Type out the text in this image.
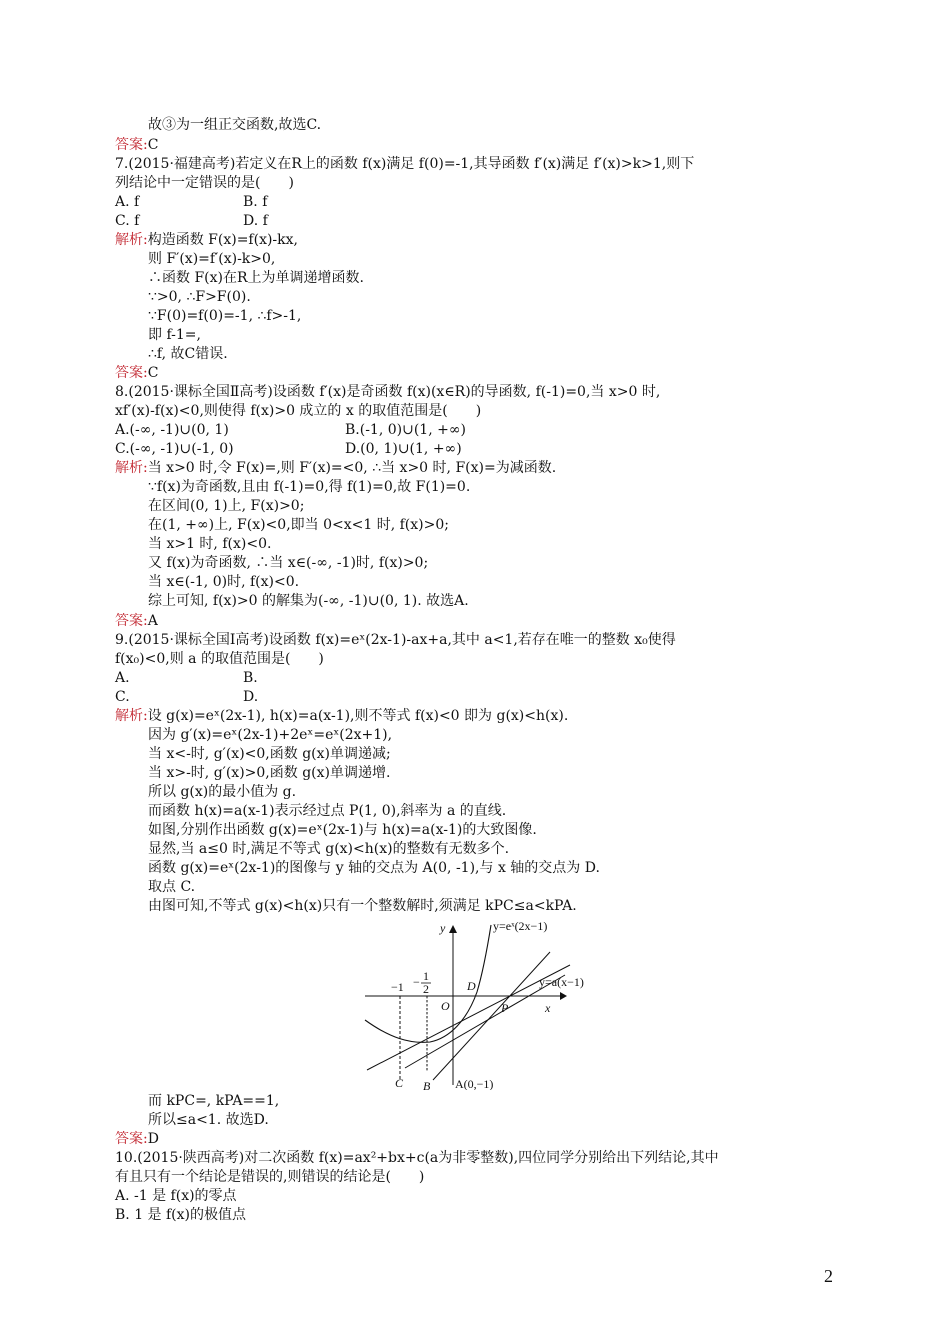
故③为一组正交函数,故选C.
答案:C
7.(2015·福建高考)若定义在R上的函数 f(x)满足 f(0)=-1,其导函数 f′(x)满足 f′(x)>k>1,则下
列结论中一定错误的是(　　)
A. f
C. f
解析:构造函数 F(x)=f(x)-kx,
则 F′(x)=f′(x)-k>0,
∴函数 F(x)在R上为单调递增函数.
∵>0, ∴F>F(0).
∵F(0)=f(0)=-1, ∴f>-1,
即 f-1=,
∴f, 故C错误.
答案:C
8.(2015·课标全国Ⅱ高考)设函数 f′(x)是奇函数 f(x)(x∈R)的导函数, f(-1)=0,当 x>0 时,
xf′(x)-f(x)<0,则使得 f(x)>0 成立的 x 的取值范围是(　　)
A.(-∞, -1)∪(0, 1)
C.(-∞, -1)∪(-1, 0)
解析:当 x>0 时,令 F(x)=,则 F′(x)=<0, ∴当 x>0 时, F(x)=为减函数.
∵f(x)为奇函数,且由 f(-1)=0,得 f(1)=0,故 F(1)=0.
在区间(0, 1)上, F(x)>0;
在(1, +∞)上, F(x)<0,即当 0<x<1 时, f(x)>0;
当 x>1 时, f(x)<0.
又 f(x)为奇函数, ∴当 x∈(-∞, -1)时, f(x)>0;
当 x∈(-1, 0)时, f(x)<0.
综上可知, f(x)>0 的解集为(-∞, -1)∪(0, 1). 故选A.
答案:A
9.(2015·课标全国Ⅰ高考)设函数 f(x)=eˣ(2x-1)-ax+a,其中 a<1,若存在唯一的整数 x₀使得
f(x₀)<0,则 a 的取值范围是(　　)
A.
C.
解析:设 g(x)=eˣ(2x-1), h(x)=a(x-1),则不等式 f(x)<0 即为 g(x)<h(x).
因为 g′(x)=eˣ(2x-1)+2eˣ=eˣ(2x+1),
当 x<-时, g′(x)<0,函数 g(x)单调递减;
当 x>-时, g′(x)>0,函数 g(x)单调递增.
所以 g(x)的最小值为 g.
而函数 h(x)=a(x-1)表示经过点 P(1, 0),斜率为 a 的直线.
如图,分别作出函数 g(x)=eˣ(2x-1)与 h(x)=a(x-1)的大致图像.
显然,当 a≤0 时,满足不等式 g(x)<h(x)的整数有无数多个.
函数 g(x)=eˣ(2x-1)的图像与 y 轴的交点为 A(0, -1),与 x 轴的交点为 D.
取点 C.
由图可知,不等式 g(x)<h(x)只有一个整数解时,须满足 kPC≤a<kPA.
而 kPC=, kPA==1,
所以≤a<1. 故选D.
答案:D
10.(2015·陕西高考)对二次函数 f(x)=ax²+bx+c(a为非零整数),四位同学分别给出下列结论,其中
有且只有一个结论是错误的,则错误的结论是(　　)
A. -1 是 f(x)的零点
B. 1 是 f(x)的极值点
B. f
D. f
B.(-1, 0)∪(1, +∞)
D.(0, 1)∪(1, +∞)
B.
D.
y
x
O
y=eˣ(2x−1)
y=a(x−1)
−1 − 1
2	D
P
C B A(0,−1)
2
